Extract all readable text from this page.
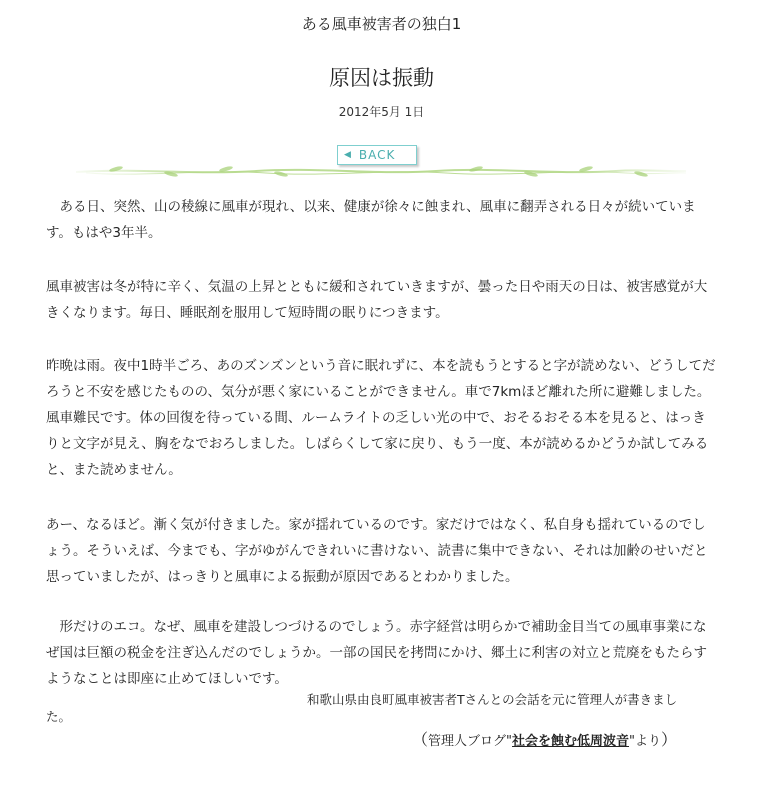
ある風車被害者の独白1
原因は振動
2012年5月 1日
◀ BACK

　ある日、突然、山の稜線に風車が現れ、以来、健康が徐々に蝕まれ、風車に翻弄される日々が続いています。もはや3年半。

風車被害は冬が特に辛く、気温の上昇とともに緩和されていきますが、曇った日や雨天の日は、被害感覚が大きくなります。毎日、睡眠剤を服用して短時間の眠りにつきます。

昨晩は雨。夜中1時半ごろ、あのズンズンという音に眠れずに、本を読もうとすると字が読めない、どうしてだろうと不安を感じたものの、気分が悪く家にいることができません。車で7kmほど離れた所に避難しました。風車難民です。体の回復を待っている間、ルームライトの乏しい光の中で、おそるおそる本を見ると、はっきりと文字が見え、胸をなでおろしました。しばらくして家に戻り、もう一度、本が読めるかどうか試してみると、また読めません。

あー、なるほど。漸く気が付きました。家が揺れているのです。家だけではなく、私自身も揺れているのでしょう。そういえば、今までも、字がゆがんできれいに書けない、読書に集中できない、それは加齢のせいだと思っていましたが、はっきりと風車による振動が原因であるとわかりました。

　形だけのエコ。なぜ、風車を建設しつづけるのでしょう。赤字経営は明らかで補助金目当ての風車事業になぜ国は巨額の税金を注ぎ込んだのでしょうか。一部の国民を拷問にかけ、郷土に利害の対立と荒廃をもたらすようなことは即座に止めてほしいです。

和歌山県由良町風車被害者Tさんとの会話を元に管理人が書きまし
た。
（管理人ブログ"社会を蝕む低周波音"より）
